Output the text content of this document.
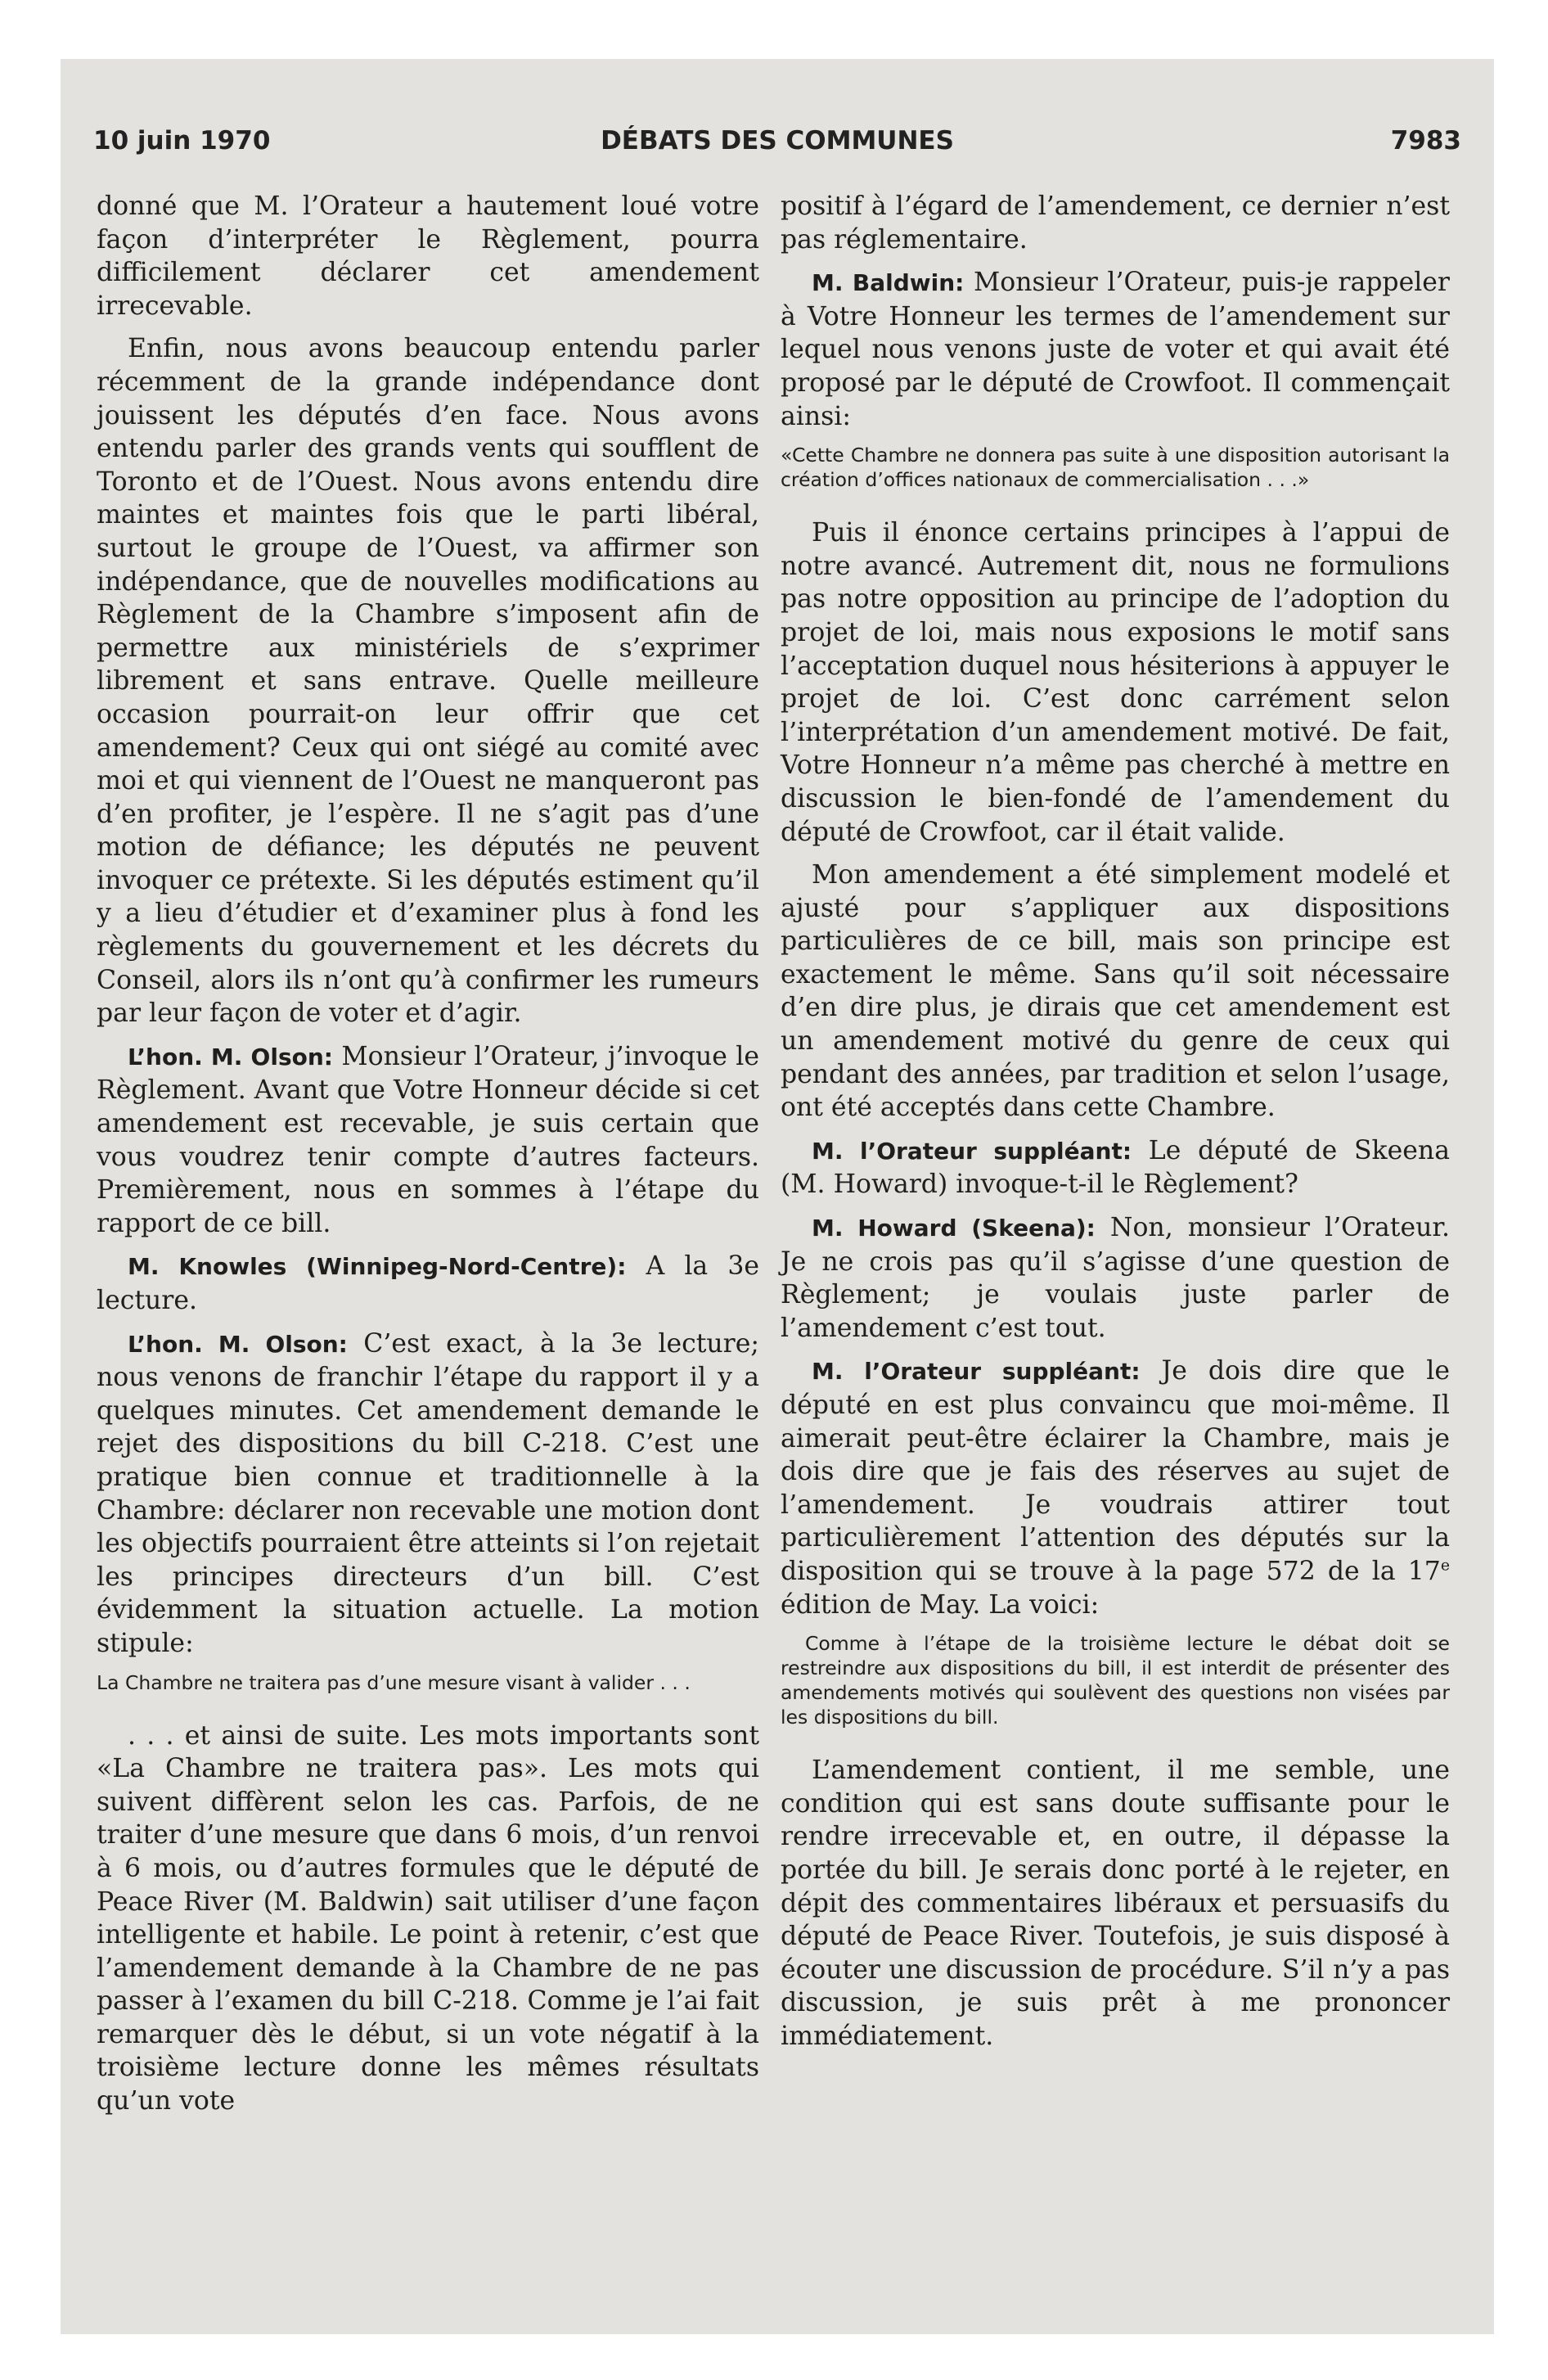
10 juin 1970	DÉBATS DES COMMUNES	7983

donné que M. l’Orateur a hautement loué votre façon d’interpréter le Règlement, pourra difficilement déclarer cet amendement irrecevable.

Enfin, nous avons beaucoup entendu parler récemment de la grande indépendance dont jouissent les députés d’en face. Nous avons entendu parler des grands vents qui soufflent de Toronto et de l’Ouest. Nous avons entendu dire maintes et maintes fois que le parti libéral, surtout le groupe de l’Ouest, va affirmer son indépendance, que de nouvelles modifications au Règlement de la Chambre s’imposent afin de permettre aux ministériels de s’exprimer librement et sans entrave. Quelle meilleure occasion pourrait-on leur offrir que cet amendement? Ceux qui ont siégé au comité avec moi et qui viennent de l’Ouest ne manqueront pas d’en profiter, je l’espère. Il ne s’agit pas d’une motion de défiance; les députés ne peuvent invoquer ce prétexte. Si les députés estiment qu’il y a lieu d’étudier et d’examiner plus à fond les règlements du gouvernement et les décrets du Conseil, alors ils n’ont qu’à confirmer les rumeurs par leur façon de voter et d’agir.

L’hon. M. Olson: Monsieur l’Orateur, j’invoque le Règlement. Avant que Votre Honneur décide si cet amendement est recevable, je suis certain que vous voudrez tenir compte d’autres facteurs. Premièrement, nous en sommes à l’étape du rapport de ce bill.

M. Knowles (Winnipeg-Nord-Centre): A la 3e lecture.

L’hon. M. Olson: C’est exact, à la 3e lecture; nous venons de franchir l’étape du rapport il y a quelques minutes. Cet amendement demande le rejet des dispositions du bill C-218. C’est une pratique bien connue et traditionnelle à la Chambre: déclarer non recevable une motion dont les objectifs pourraient être atteints si l’on rejetait les principes directeurs d’un bill. C’est évidemment la situation actuelle. La motion stipule:

La Chambre ne traitera pas d’une mesure visant à valider . . .

. . . et ainsi de suite. Les mots importants sont «La Chambre ne traitera pas». Les mots qui suivent diffèrent selon les cas. Parfois, de ne traiter d’une mesure que dans 6 mois, d’un renvoi à 6 mois, ou d’autres formules que le député de Peace River (M. Baldwin) sait utiliser d’une façon intelligente et habile. Le point à retenir, c’est que l’amendement demande à la Chambre de ne pas passer à l’examen du bill C-218. Comme je l’ai fait remarquer dès le début, si un vote négatif à la troisième lecture donne les mêmes résultats qu’un vote

positif à l’égard de l’amendement, ce dernier n’est pas réglementaire.

M. Baldwin: Monsieur l’Orateur, puis-je rappeler à Votre Honneur les termes de l’amendement sur lequel nous venons juste de voter et qui avait été proposé par le député de Crowfoot. Il commençait ainsi:

«Cette Chambre ne donnera pas suite à une disposition autorisant la création d’offices nationaux de commercialisation . . .»

Puis il énonce certains principes à l’appui de notre avancé. Autrement dit, nous ne formulions pas notre opposition au principe de l’adoption du projet de loi, mais nous exposions le motif sans l’acceptation duquel nous hésiterions à appuyer le projet de loi. C’est donc carrément selon l’interprétation d’un amendement motivé. De fait, Votre Honneur n’a même pas cherché à mettre en discussion le bien-fondé de l’amendement du député de Crowfoot, car il était valide.

Mon amendement a été simplement modelé et ajusté pour s’appliquer aux dispositions particulières de ce bill, mais son principe est exactement le même. Sans qu’il soit nécessaire d’en dire plus, je dirais que cet amendement est un amendement motivé du genre de ceux qui pendant des années, par tradition et selon l’usage, ont été acceptés dans cette Chambre.

M. l’Orateur suppléant: Le député de Skeena (M. Howard) invoque-t-il le Règlement?

M. Howard (Skeena): Non, monsieur l’Orateur. Je ne crois pas qu’il s’agisse d’une question de Règlement; je voulais juste parler de l’amendement c’est tout.

M. l’Orateur suppléant: Je dois dire que le député en est plus convaincu que moi-même. Il aimerait peut-être éclairer la Chambre, mais je dois dire que je fais des réserves au sujet de l’amendement. Je voudrais attirer tout particulièrement l’attention des députés sur la disposition qui se trouve à la page 572 de la 17e édition de May. La voici:

Comme à l’étape de la troisième lecture le débat doit se restreindre aux dispositions du bill, il est interdit de présenter des amendements motivés qui soulèvent des questions non visées par les dispositions du bill.

L’amendement contient, il me semble, une condition qui est sans doute suffisante pour le rendre irrecevable et, en outre, il dépasse la portée du bill. Je serais donc porté à le rejeter, en dépit des commentaires libéraux et persuasifs du député de Peace River. Toutefois, je suis disposé à écouter une discussion de procédure. S’il n’y a pas discussion, je suis prêt à me prononcer immédiatement.
